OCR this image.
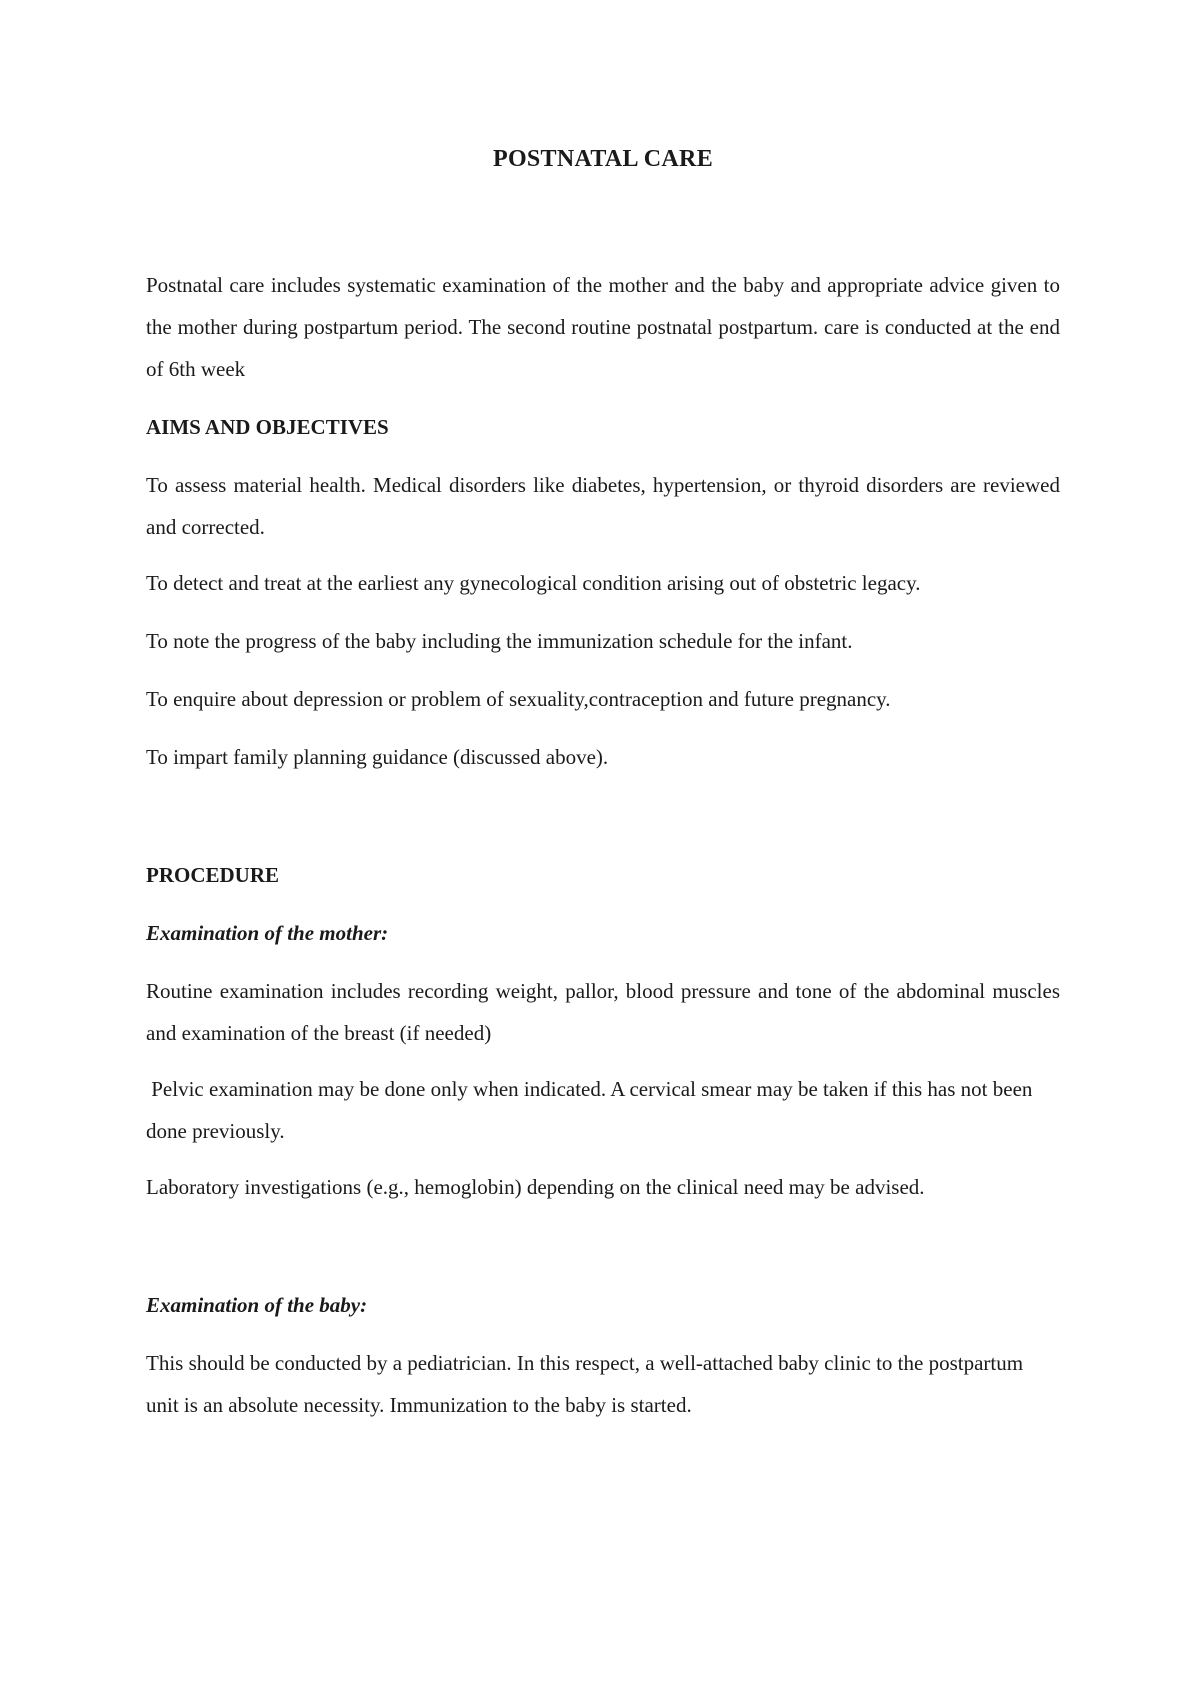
POSTNATAL CARE

Postnatal care includes systematic examination of the mother and the baby and appropriate advice given to the mother during postpartum period. The second routine postnatal postpartum. care is conducted at the end of 6th week

AIMS AND OBJECTIVES

To assess material health. Medical disorders like diabetes, hypertension, or thyroid disorders are reviewed and corrected.

To detect and treat at the earliest any gynecological condition arising out of obstetric legacy.

To note the progress of the baby including the immunization schedule for the infant.

To enquire about depression or problem of sexuality,contraception and future pregnancy.

To impart family planning guidance (discussed above).

PROCEDURE
Examination of the mother:

Routine examination includes recording weight, pallor, blood pressure and tone of the abdominal muscles and examination of the breast (if needed)

Pelvic examination may be done only when indicated. A cervical smear may be taken if this has not been done previously.

Laboratory investigations (e.g., hemoglobin) depending on the clinical need may be advised.

Examination of the baby:

This should be conducted by a pediatrician. In this respect, a well-attached baby clinic to the postpartum unit is an absolute necessity. Immunization to the baby is started.
